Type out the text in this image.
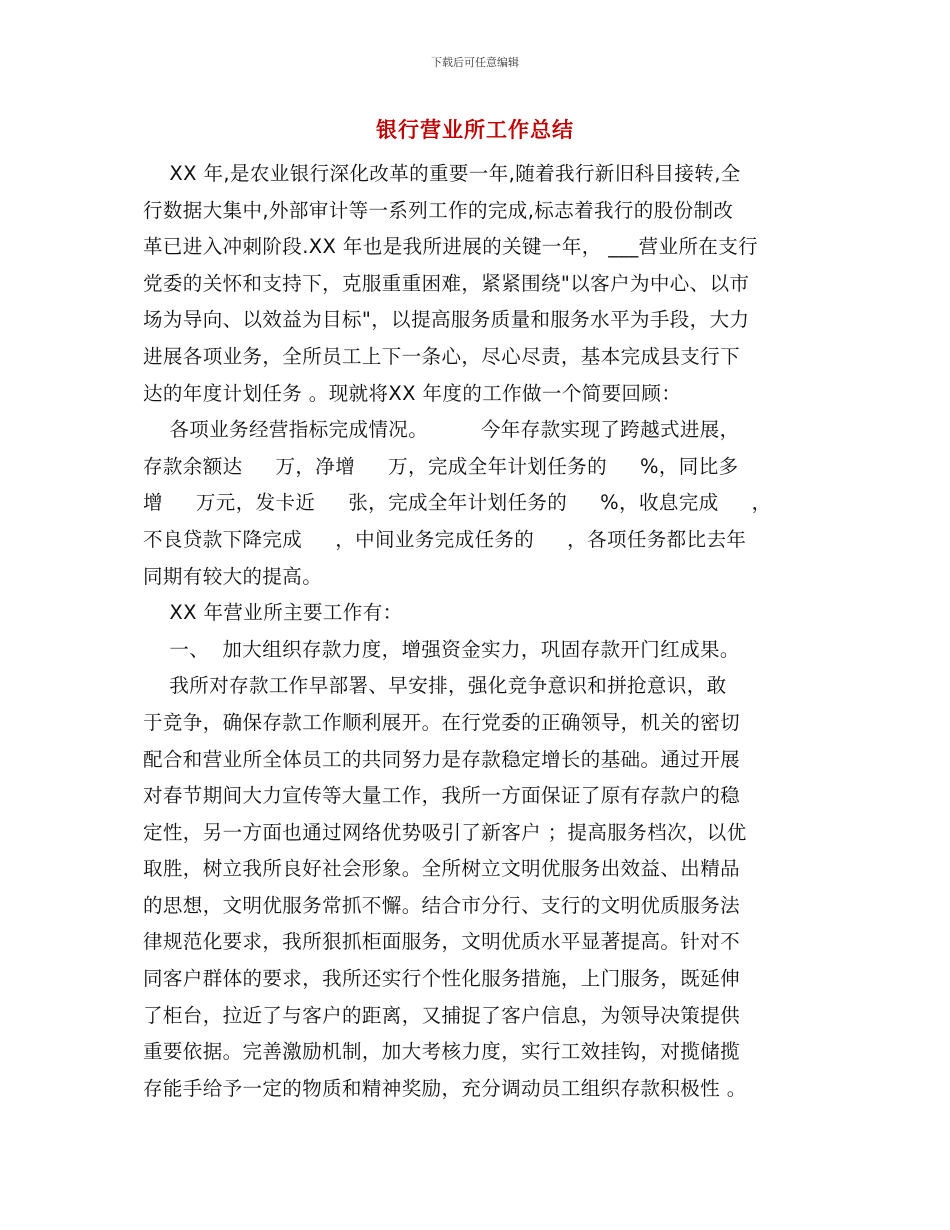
下载后可任意编辑
银行营业所工作总结
XX 年,是农业银行深化改革的重要一年,随着我行新旧科目接转,全
行数据大集中,外部审计等一系列工作的完成,标志着我行的股份制改
革已进入冲刺阶段.XX 年也是我所进展的关键一年， ___营业所在支行
党委的关怀和支持下，克服重重困难，紧紧围绕"以客户为中心、以市
场为导向、以效益为目标"，以提高服务质量和服务水平为手段，大力
进展各项业务，全所员工上下一条心，尽心尽责，基本完成县支行下
达的年度计划任务 。现就将XX 年度的工作做一个简要回顾：
各项业务经营指标完成情况。        今年存款实现了跨越式进展，
存款余额达     万，净增     万，完成全年计划任务的     %，同比多
增     万元，发卡近     张，完成全年计划任务的     %，收息完成     ，
不良贷款下降完成     ，中间业务完成任务的     ，各项任务都比去年
同期有较大的提高。
XX 年营业所主要工作有：
一、  加大组织存款力度，增强资金实力，巩固存款开门红成果。
我所对存款工作早部署、早安排，强化竞争意识和拼抢意识，敢
于竞争，确保存款工作顺利展开。在行党委的正确领导，机关的密切
配合和营业所全体员工的共同努力是存款稳定增长的基础。通过开展
对春节期间大力宣传等大量工作，我所一方面保证了原有存款户的稳
定性，另一方面也通过网络优势吸引了新客户 ；提高服务档次，以优
取胜，树立我所良好社会形象。全所树立文明优服务出效益、出精品
的思想，文明优服务常抓不懈。结合市分行、支行的文明优质服务法
律规范化要求，我所狠抓柜面服务，文明优质水平显著提高。针对不
同客户群体的要求，我所还实行个性化服务措施，上门服务，既延伸
了柜台，拉近了与客户的距离，又捕捉了客户信息，为领导决策提供
重要依据。完善激励机制，加大考核力度，实行工效挂钩，对揽储揽
存能手给予一定的物质和精神奖励，充分调动员工组织存款积极性 。
